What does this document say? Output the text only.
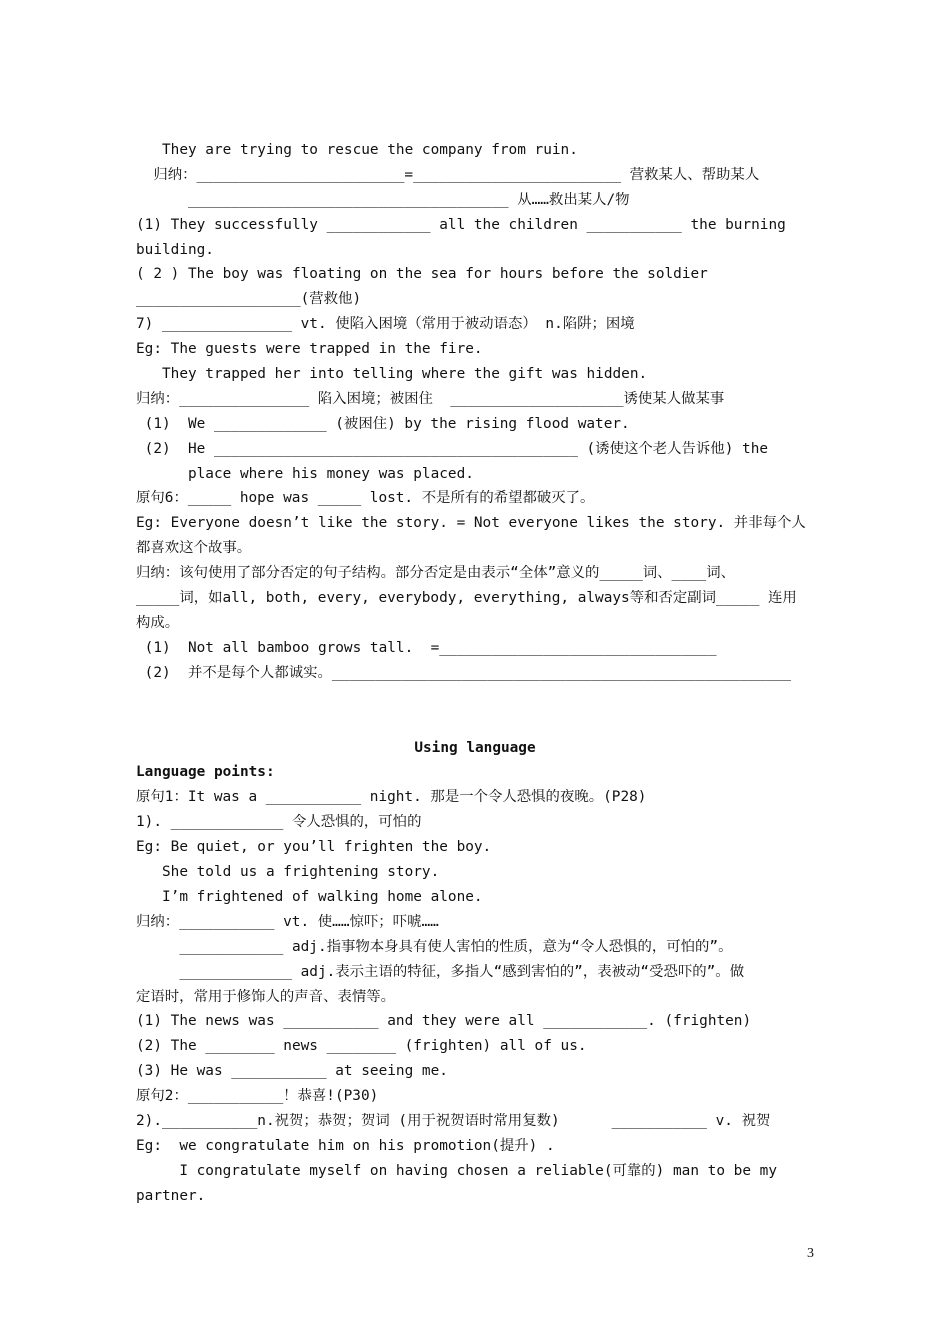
They are trying to rescue the company from ruin.
归纳：________________________=________________________ 营救某人、帮助某人
_____________________________________ 从……救出某人/物
(1) They successfully ____________ all the children ___________ the burning
building.
( 2 ) The boy was floating on the sea for hours before the soldier
___________________(营救他)
7) _______________ vt. 使陷入困境（常用于被动语态） n.陷阱；困境
Eg: The guests were trapped in the fire.
They trapped her into telling where the gift was hidden.
归纳：_______________ 陷入困境；被困住  ____________________诱使某人做某事
(1)  We _____________ (被困住) by the rising flood water.
(2)  He __________________________________________ (诱使这个老人告诉他) the
place where his money was placed.
原句6：_____ hope was _____ lost. 不是所有的希望都破灭了。
Eg: Everyone doesn’t like the story. = Not everyone likes the story. 并非每个人
都喜欢这个故事。
归纳：该句使用了部分否定的句子结构。部分否定是由表示“全体”意义的_____词、____词、
_____词，如all, both, every, everybody, everything, always等和否定副词_____ 连用
构成。
(1)  Not all bamboo grows tall.  =________________________________
(2)  并不是每个人都诚实。_____________________________________________________
Using language
Language points:
原句1：It was a ___________ night. 那是一个令人恐惧的夜晚。(P28)
1). _____________ 令人恐惧的，可怕的
Eg: Be quiet, or you’ll frighten the boy.
She told us a frightening story.
I’m frightened of walking home alone.
归纳：___________ vt. 使……惊吓；吓唬……
____________ adj.指事物本身具有使人害怕的性质，意为“令人恐惧的，可怕的”。
_____________ adj.表示主语的特征，多指人“感到害怕的”，表被动“受恐吓的”。做
定语时，常用于修饰人的声音、表情等。
(1) The news was ___________ and they were all ____________. (frighten)
(2) The ________ news ________ (frighten) all of us.
(3) He was ___________ at seeing me.
原句2：___________！恭喜!(P30)
2).___________n.祝贺；恭贺；贺词 (用于祝贺语时常用复数)      ___________ v. 祝贺
Eg:  we congratulate him on his promotion(提升) .
I congratulate myself on having chosen a reliable(可靠的) man to be my
partner.
3
